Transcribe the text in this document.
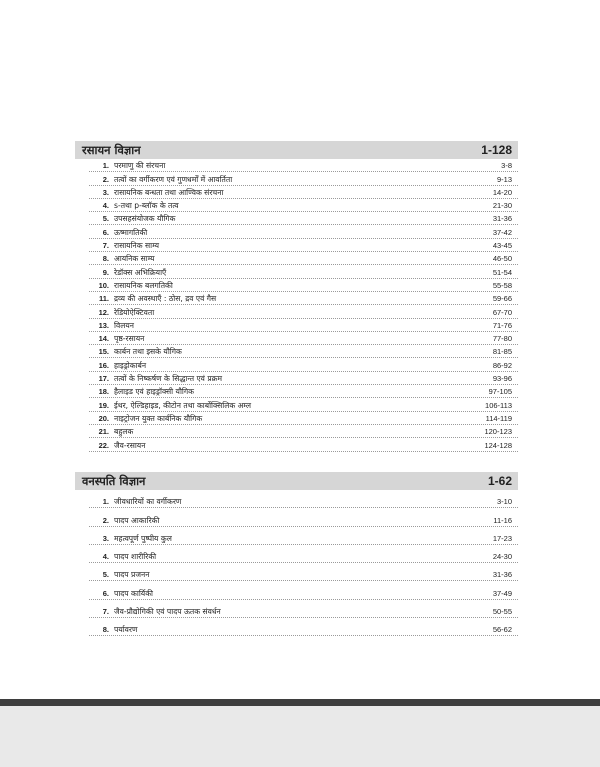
रसायन विज्ञान	1-128
1. परमाणु की संरचना	3-8
2. तत्वों का वर्गीकरण एवं गुणधर्मों में आवर्तिता	9-13
3. रासायनिक बन्धता तथा आण्विक संरचना	14-20
4. s-तथा p-ब्लॉक के तत्व	21-30
5. उपसहसंयोजक यौगिक	31-36
6. ऊष्मागतिकी	37-42
7. रासायनिक साम्य	43-45
8. आयनिक साम्य	46-50
9. रेडॉक्स अभिक्रियाएँ	51-54
10. रासायनिक बलगतिकी	55-58
11. द्रव्य की अवस्थाएँ : ठोस, द्रव एवं गैस	59-66
12. रेडियोऐक्टिवता	67-70
13. विलयन	71-76
14. पृष्ठ-रसायन	77-80
15. कार्बन तथा इसके यौगिक	81-85
16. हाइड्रोकार्बन	86-92
17. तत्वों के निष्कर्षण के सिद्धान्त एवं प्रक्रम	93-96
18. हैलाइड एवं हाइड्रॉक्सी यौगिक	97-105
19. ईथर, ऐल्डिहाइड, कीटोन तथा कार्बोक्सिलिक अम्ल	106-113
20. नाइट्रोजन युक्त कार्बनिक यौगिक	114-119
21. बहुलक	120-123
22. जैव-रसायन	124-128
वनस्पति विज्ञान	1-62
1. जीवधारियों का वर्गीकरण	3-10
2. पादप आकारिकी	11-16
3. महत्वपूर्ण पुष्पीय कुल	17-23
4. पादप शारीरिकी	24-30
5. पादप प्रजनन	31-36
6. पादप कार्यिकी	37-49
7. जैव-प्रौद्योगिकी एवं पादप ऊतक संवर्धन	50-55
8. पर्यावरण	56-62
